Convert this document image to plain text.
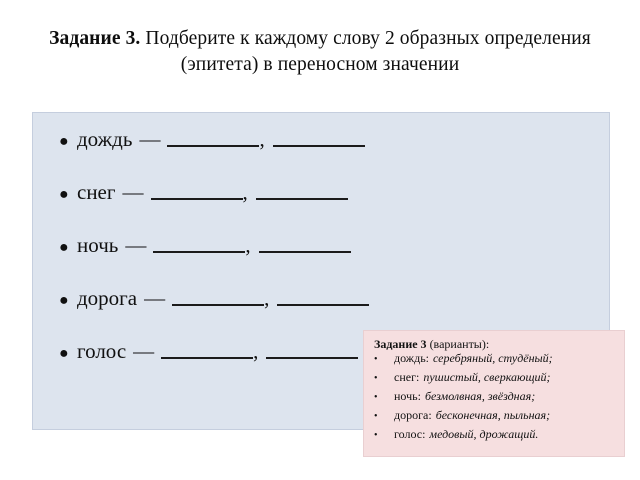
Задание 3. Подберите к каждому слову 2 образных определения (эпитета) в переносном значении
● дождь —	,
● снег —	,
● ночь —	,
● дорога —	,
● голос —	,	Задание 3 (варианты):
•	дождь: серебряный, студёный;
•	снег: пушистый, сверкающий;
•	ночь: безмолвная, звёздная;
•	дорога: бесконечная, пыльная;
•	голос: медовый, дрожащий.
